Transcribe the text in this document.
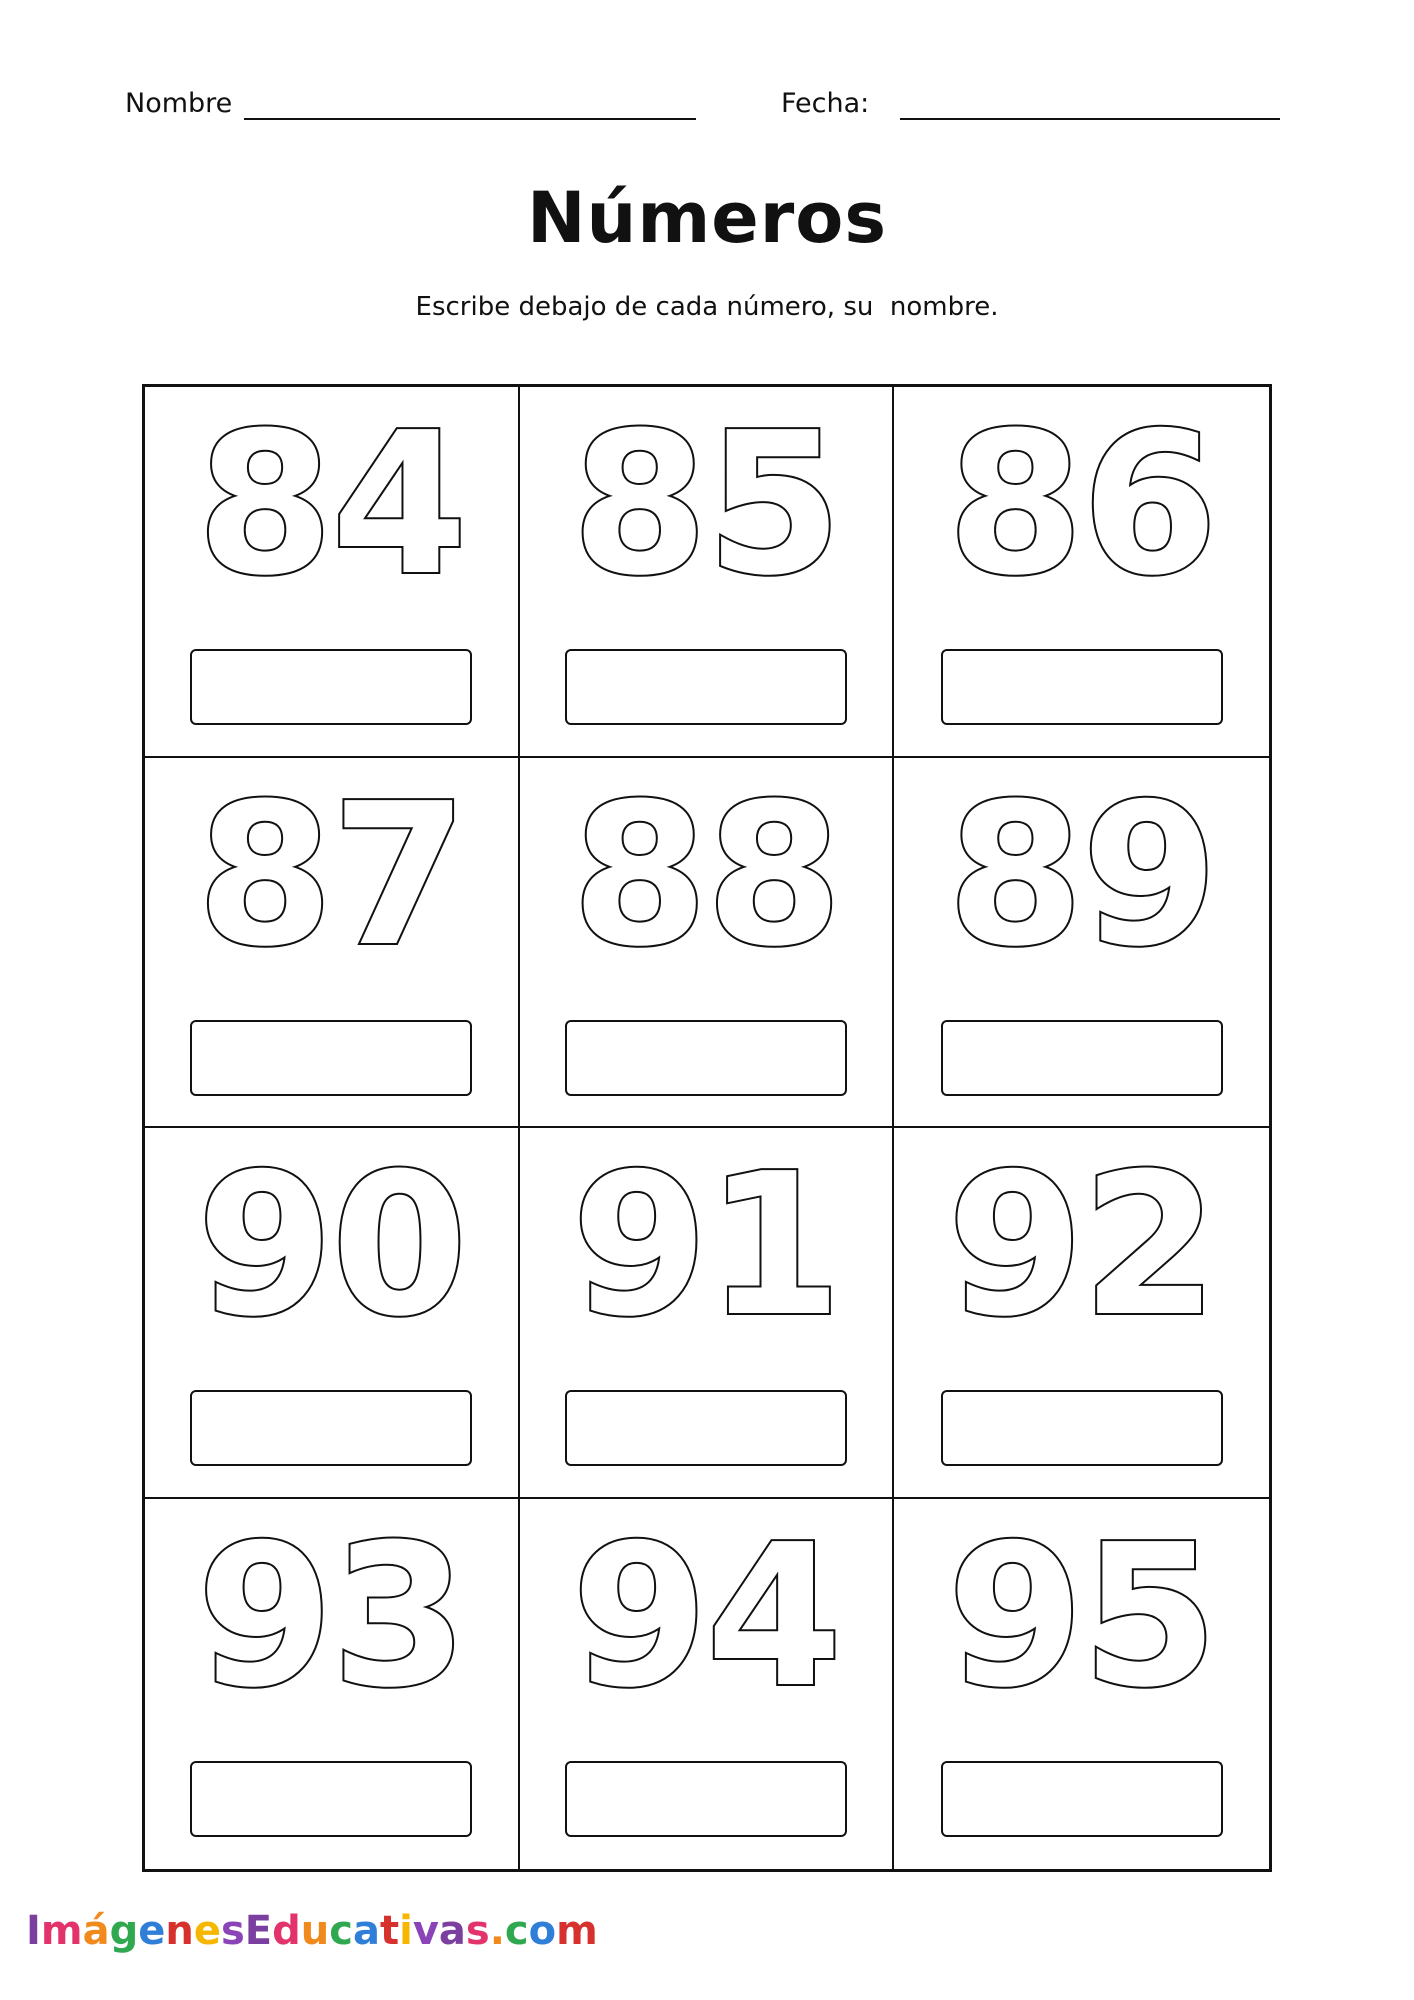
Nombre	Fecha:
Números
Escribe debajo de cada número, su  nombre.
84 85 86
87 88 89
90 91 92
93 94 95
ImágenesEducativas.com
